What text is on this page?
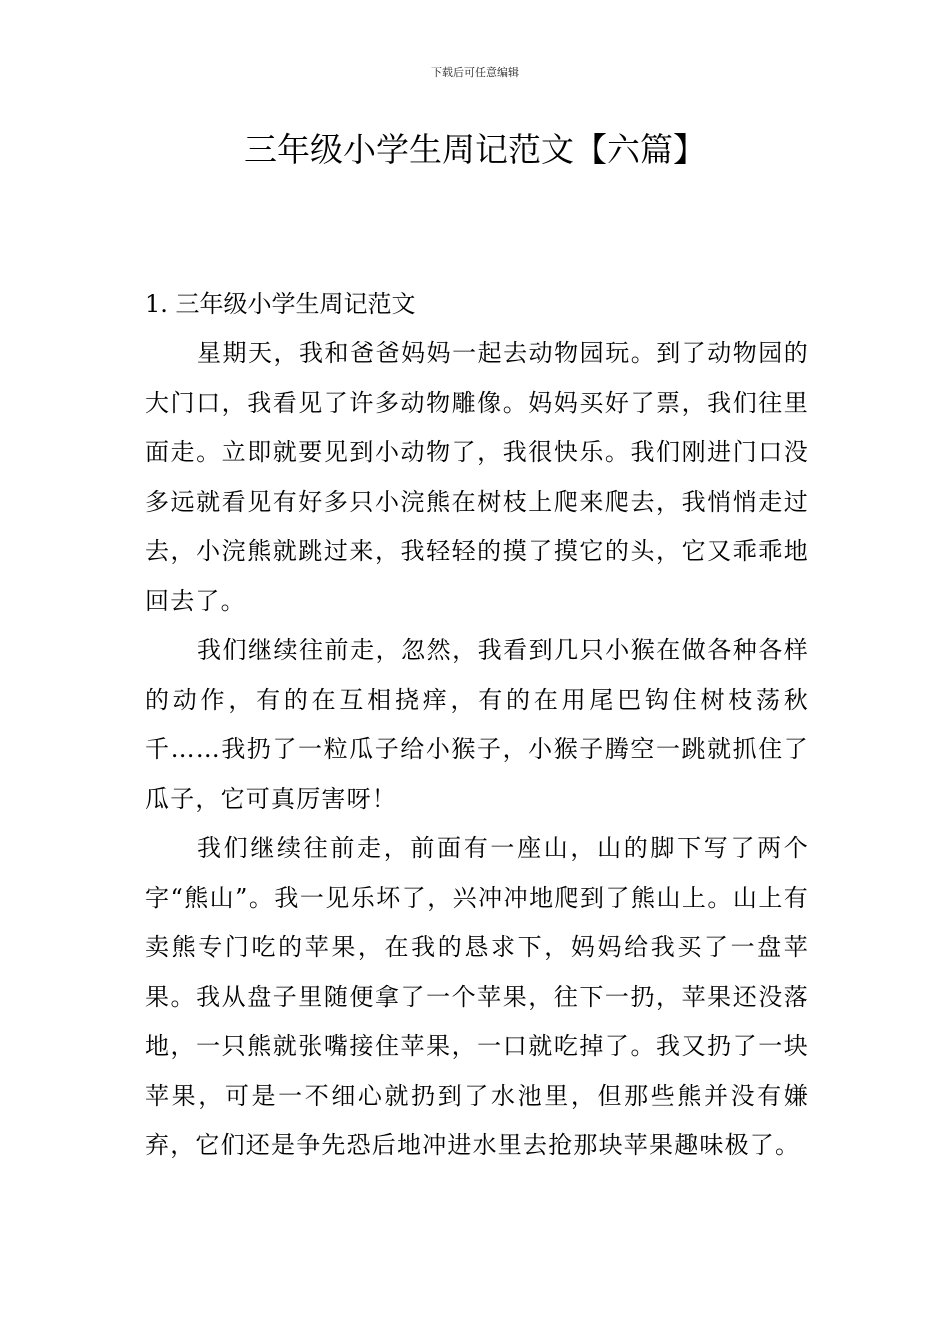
下载后可任意编辑
三年级小学生周记范文【六篇】
1. 三年级小学生周记范文

星期天，我和爸爸妈妈一起去动物园玩。到了动物园的大门口，我看见了许多动物雕像。妈妈买好了票，我们往里面走。立即就要见到小动物了，我很快乐。我们刚进门口没多远就看见有好多只小浣熊在树枝上爬来爬去，我悄悄走过去，小浣熊就跳过来，我轻轻的摸了摸它的头，它又乖乖地回去了。

我们继续往前走，忽然，我看到几只小猴在做各种各样的动作，有的在互相挠痒，有的在用尾巴钩住树枝荡秋千……我扔了一粒瓜子给小猴子，小猴子腾空一跳就抓住了瓜子，它可真厉害呀！

我们继续往前走，前面有一座山，山的脚下写了两个字“熊山”。我一见乐坏了，兴冲冲地爬到了熊山上。山上有卖熊专门吃的苹果，在我的恳求下，妈妈给我买了一盘苹果。我从盘子里随便拿了一个苹果，往下一扔，苹果还没落地，一只熊就张嘴接住苹果，一口就吃掉了。我又扔了一块苹果，可是一不细心就扔到了水池里，但那些熊并没有嫌弃，它们还是争先恐后地冲进水里去抢那块苹果趣味极了。
